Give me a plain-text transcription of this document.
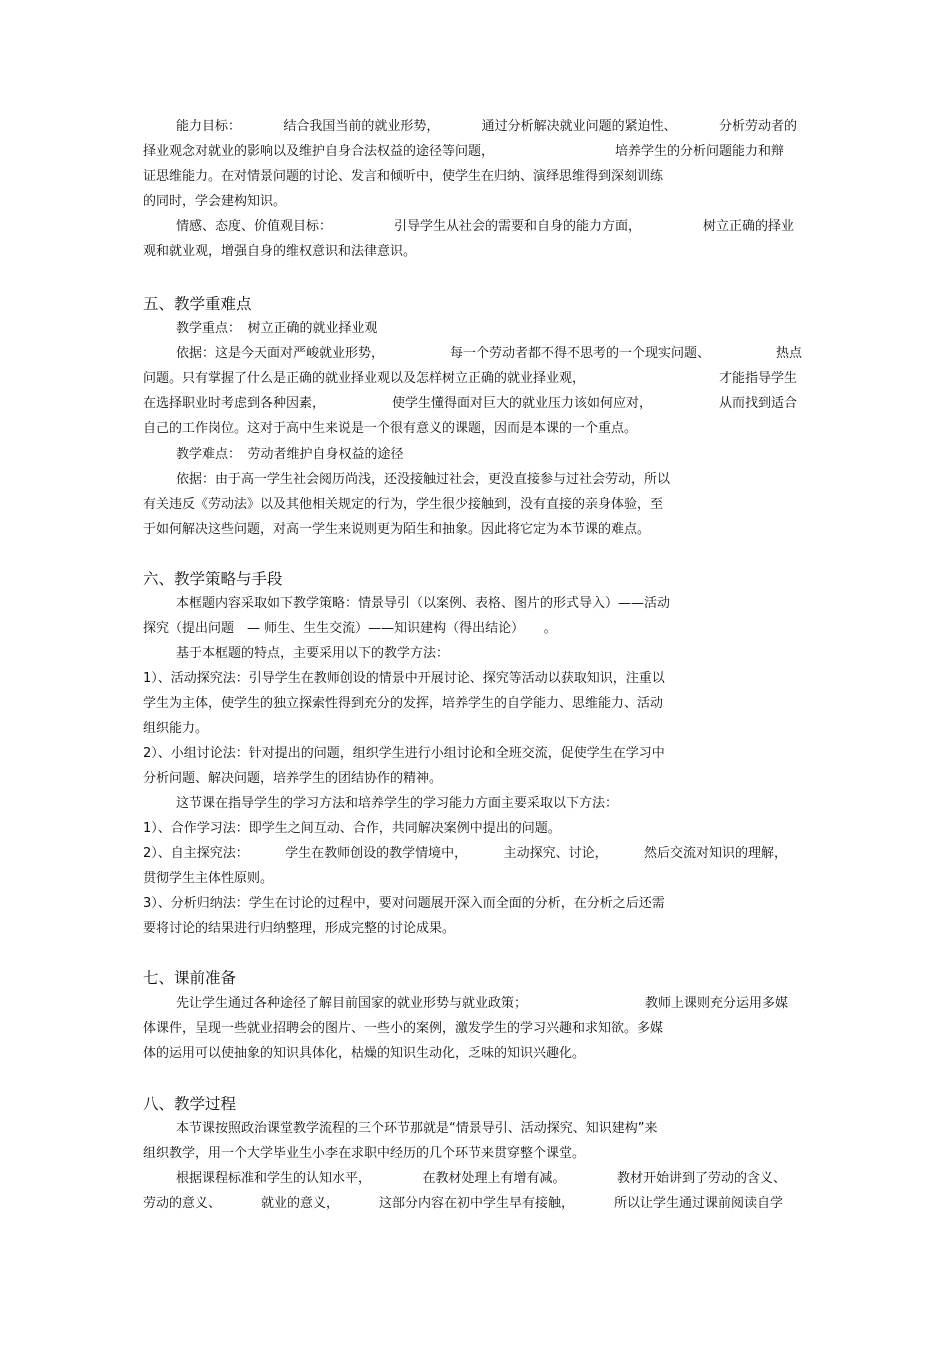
能力目标：	结合我国当前的就业形势，	通过分析解决就业问题的紧迫性、	分析劳动者的
择业观念对就业的影响以及维护自身合法权益的途径等问题，	培养学生的分析问题能力和辩
证思维能力。在对情景问题的讨论、发言和倾听中，使学生在归纳、演绎思维得到深刻训练
的同时，学会建构知识。
情感、态度、价值观目标：	引导学生从社会的需要和自身的能力方面，	树立正确的择业
观和就业观，增强自身的维权意识和法律意识。
五、教学重难点
教学重点：　树立正确的就业择业观
依据：这是今天面对严峻就业形势，	每一个劳动者都不得不思考的一个现实问题、	热点
问题。只有掌握了什么是正确的就业择业观以及怎样树立正确的就业择业观，	才能指导学生
在选择职业时考虑到各种因素，	使学生懂得面对巨大的就业压力该如何应对，	从而找到适合
自己的工作岗位。这对于高中生来说是一个很有意义的课题，因而是本课的一个重点。
教学难点：　劳动者维护自身权益的途径
依据：由于高一学生社会阅历尚浅，还没接触过社会，更没直接参与过社会劳动，所以
有关违反《劳动法》以及其他相关规定的行为，学生很少接触到，没有直接的亲身体验，至
于如何解决这些问题，对高一学生来说则更为陌生和抽象。因此将它定为本节课的难点。
六、教学策略与手段
本框题内容采取如下教学策略：情景导引（以案例、表格、图片的形式导入）——活动
探究（提出问题　— 师生、生生交流）——知识建构（得出结论）　　。
基于本框题的特点，主要采用以下的教学方法：
1）、活动探究法：引导学生在教师创设的情景中开展讨论、探究等活动以获取知识，注重以
学生为主体，使学生的独立探索性得到充分的发挥，培养学生的自学能力、思维能力、活动
组织能力。
2）、小组讨论法：针对提出的问题，组织学生进行小组讨论和全班交流，促使学生在学习中
分析问题、解决问题，培养学生的团结协作的精神。
这节课在指导学生的学习方法和培养学生的学习能力方面主要采取以下方法：
1）、合作学习法：即学生之间互动、合作，共同解决案例中提出的问题。
2）、自主探究法：	学生在教师创设的教学情境中，	主动探究、讨论，	然后交流对知识的理解，
贯彻学生主体性原则。
3）、分析归纳法：学生在讨论的过程中，要对问题展开深入而全面的分析，在分析之后还需
要将讨论的结果进行归纳整理，形成完整的讨论成果。
七、课前准备
先让学生通过各种途径了解目前国家的就业形势与就业政策；	教师上课则充分运用多媒
体课件，呈现一些就业招聘会的图片、一些小的案例，激发学生的学习兴趣和求知欲。多媒
体的运用可以使抽象的知识具体化，枯燥的知识生动化，乏味的知识兴趣化。
八、教学过程
本节课按照政治课堂教学流程的三个环节那就是“情景导引、活动探究、知识建构”来
组织教学，用一个大学毕业生小李在求职中经历的几个环节来贯穿整个课堂。
根据课程标准和学生的认知水平，	在教材处理上有增有减。	教材开始讲到了劳动的含义、
劳动的意义、	就业的意义，	这部分内容在初中学生早有接触，	所以让学生通过课前阅读自学
